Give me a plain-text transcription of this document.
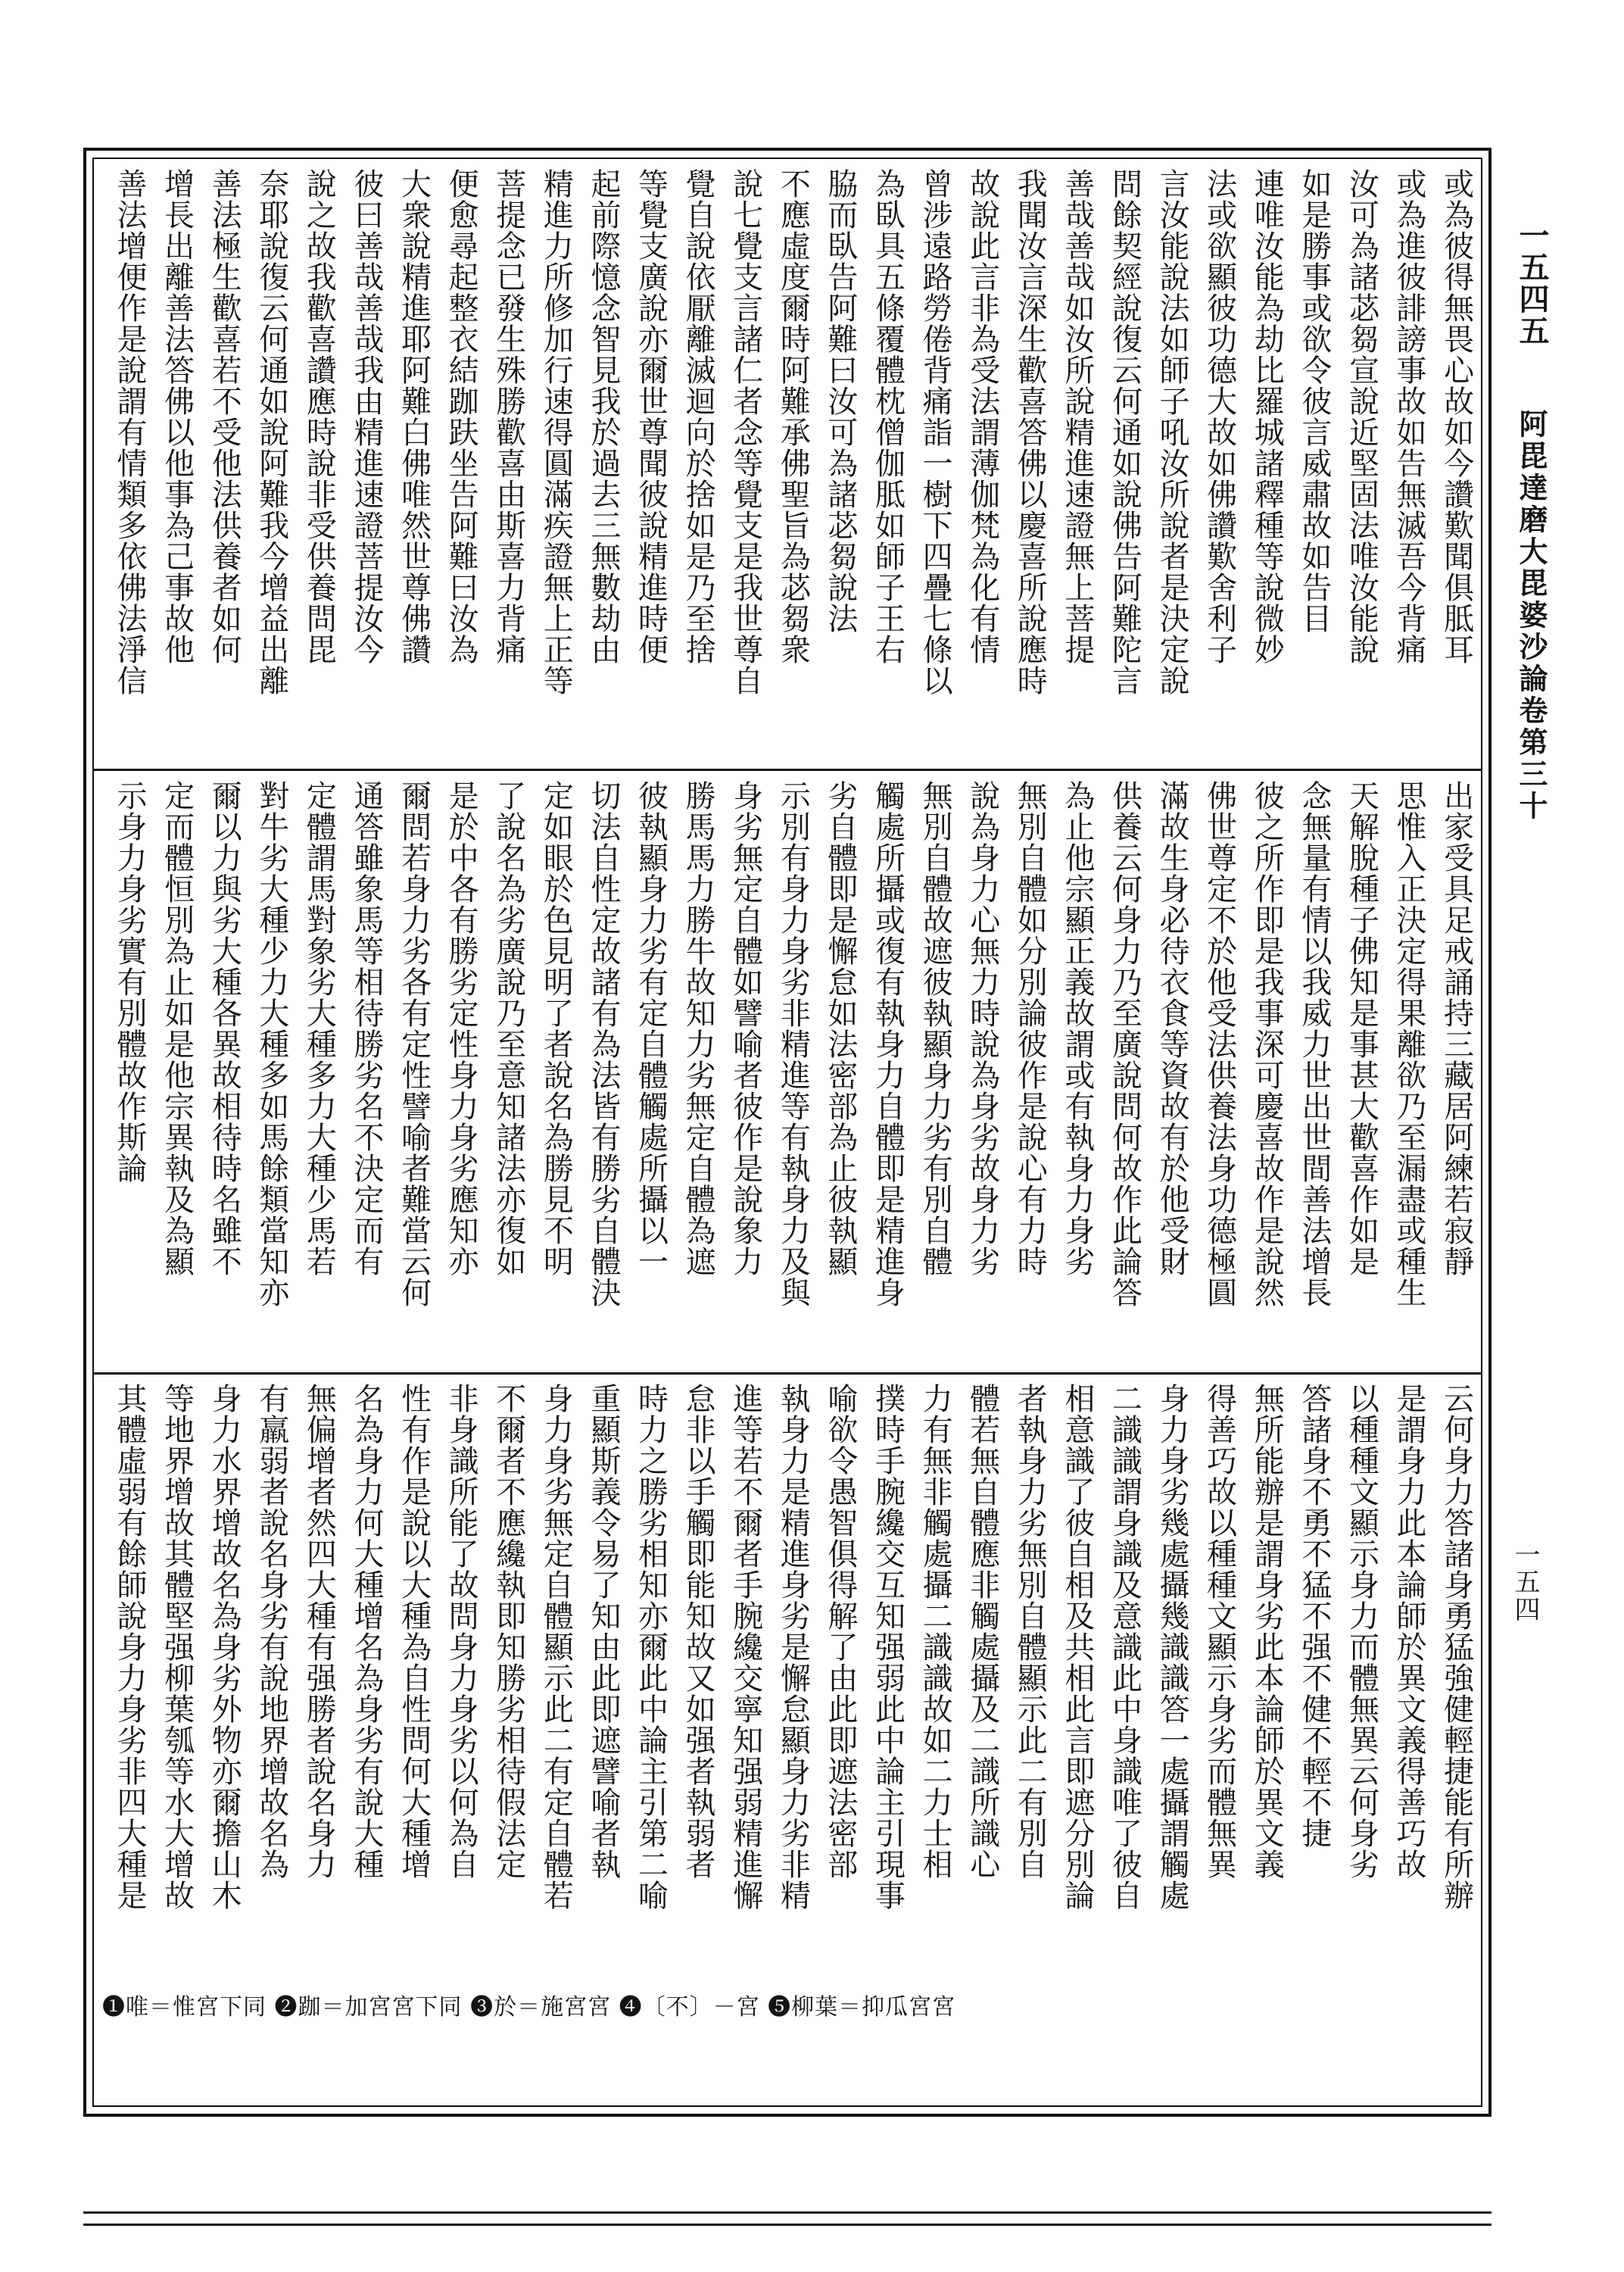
一五四五
阿毘達磨大毘婆沙論卷第三十
一五四
或為彼得無畏心故如今讚歎聞俱胝耳
或為進彼誹謗事故如告無滅吾今背痛
汝可為諸苾芻宣說近堅固法唯汝能說
如是勝事或欲令彼言威肅故如告目
連唯汝能為劫比羅城諸釋種等說微妙
法或欲顯彼功德大故如佛讚歎舍利子
言汝能說法如師子吼汝所說者是決定說
問餘契經說復云何通如說佛告阿難陀言
善哉善哉如汝所說精進速證無上菩提
我聞汝言深生歡喜答佛以慶喜所說應時
故說此言非為受法謂薄伽梵為化有情
曾涉遠路勞倦背痛詣一樹下四疊七條以
為臥具五條覆體枕僧伽胝如師子王右
脇而臥告阿難曰汝可為諸苾芻說法
不應虛度爾時阿難承佛聖旨為苾芻衆
說七覺支言諸仁者念等覺支是我世尊自
覺自說依厭離滅迴向於捨如是乃至捨
等覺支廣說亦爾世尊聞彼說精進時便
起前際憶念智見我於過去三無數劫由
精進力所修加行速得圓滿疾證無上正等
菩提念已發生殊勝歡喜由斯喜力背痛
便愈尋起整衣結跏趺坐告阿難曰汝為
大衆說精進耶阿難白佛唯然世尊佛讚
彼曰善哉善哉我由精進速證菩提汝今
說之故我歡喜讚應時說非受供養問毘
奈耶說復云何通如說阿難我今增益出離
善法極生歡喜若不受他法供養者如何
增長出離善法答佛以他事為己事故他
善法增便作是說謂有情類多依佛法淨信
出家受具足戒誦持三藏居阿練若寂靜
思惟入正決定得果離欲乃至漏盡或種生
天解脫種子佛知是事甚大歡喜作如是
念無量有情以我威力世出世間善法增長
彼之所作即是我事深可慶喜故作是說然
佛世尊定不於他受法供養法身功德極圓
滿故生身必待衣食等資故有於他受財
供養云何身力乃至廣說問何故作此論答
為止他宗顯正義故謂或有執身力身劣
無別自體如分別論彼作是說心有力時
說為身力心無力時說為身劣故身力劣
無別自體故遮彼執顯身力劣有別自體
觸處所攝或復有執身力自體即是精進身
劣自體即是懈怠如法密部為止彼執顯
示別有身力身劣非精進等有執身力及與
身劣無定自體如譬喻者彼作是說象力
勝馬馬力勝牛故知力劣無定自體為遮
彼執顯身力劣有定自體觸處所攝以一
切法自性定故諸有為法皆有勝劣自體決
定如眼於色見明了者說名為勝見不明
了說名為劣廣說乃至意知諸法亦復如
是於中各有勝劣定性身力身劣應知亦
爾問若身力劣各有定性譬喻者難當云何
通答雖象馬等相待勝劣名不決定而有
定體謂馬對象劣大種多力大種少馬若
對牛劣大種少力大種多如馬餘類當知亦
爾以力與劣大種各異故相待時名雖不
定而體恒別為止如是他宗異執及為顯
示身力身劣實有別體故作斯論
云何身力答諸身勇猛強健輕捷能有所辦
是謂身力此本論師於異文義得善巧故
以種種文顯示身力而體無異云何身劣
答諸身不勇不猛不强不健不輕不捷
無所能辦是謂身劣此本論師於異文義
得善巧故以種種文顯示身劣而體無異
身力身劣幾處攝幾識識答一處攝謂觸處
二識識謂身識及意識此中身識唯了彼自
相意識了彼自相及共相此言即遮分別論
者執身力劣無別自體顯示此二有別自
體若無自體應非觸處攝及二識所識心
力有無非觸處攝二識識故如二力士相
撲時手腕纔交互知强弱此中論主引現事
喻欲令愚智俱得解了由此即遮法密部
執身力是精進身劣是懈怠顯身力劣非精
進等若不爾者手腕纔交寧知强弱精進懈
怠非以手觸即能知故又如强者執弱者
時力之勝劣相知亦爾此中論主引第二喻
重顯斯義令易了知由此即遮譬喻者執
身力身劣無定自體顯示此二有定自體若
不爾者不應纔執即知勝劣相待假法定
非身識所能了故問身力身劣以何為自
性有作是說以大種為自性問何大種增
名為身力何大種增名為身劣有說大種
無偏增者然四大種有强勝者說名身力
有羸弱者說名身劣有說地界增故名為
身力水界增故名為身劣外物亦爾擔山木
等地界增故其體堅强柳葉瓠等水大增故
其體虛弱有餘師說身力身劣非四大種是
❶唯＝惟宮下同 ❷跏＝加宮宮下同 ❸於＝施宮宮 ❹〔不〕－宮 ❺柳葉＝抑瓜宮宮
